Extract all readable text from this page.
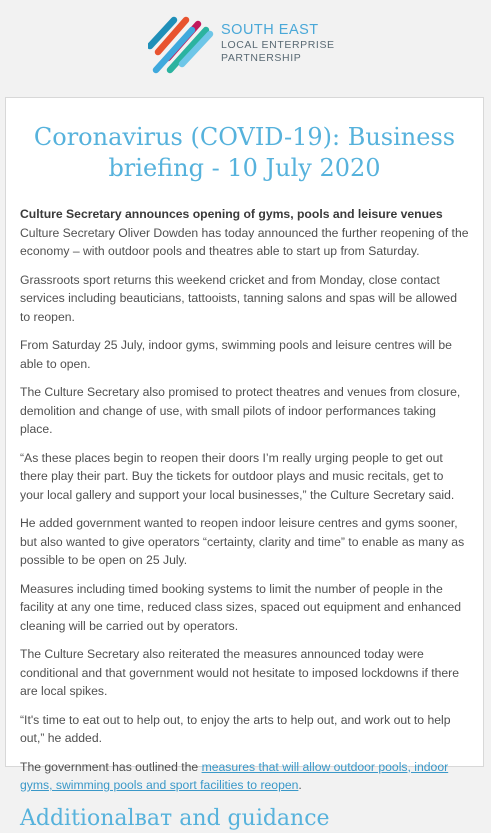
SOUTH EAST
LOCAL ENTERPRISE
PARTNERSHIP
Coronavirus (COVID-19): Business briefing - 10 July 2020

Culture Secretary announces opening of gyms, pools and leisure venues
Culture Secretary Oliver Dowden has today announced the further reopening of the economy – with outdoor pools and theatres able to start up from Saturday.

Grassroots sport returns this weekend cricket and from Monday, close contact services including beauticians, tattooists, tanning salons and spas will be allowed to reopen.

From Saturday 25 July, indoor gyms, swimming pools and leisure centres will be able to open.

The Culture Secretary also promised to protect theatres and venues from closure, demolition and change of use, with small pilots of indoor performances taking place.

“As these places begin to reopen their doors I’m really urging people to get out there play their part. Buy the tickets for outdoor plays and music recitals, get to your local gallery and support your local businesses,” the Culture Secretary said.

He added government wanted to reopen indoor leisure centres and gyms sooner, but also wanted to give operators “certainty, clarity and time” to enable as many as possible to be open on 25 July.

Measures including timed booking systems to limit the number of people in the facility at any one time, reduced class sizes, spaced out equipment and enhanced cleaning will be carried out by operators.

The Culture Secretary also reiterated the measures announced today were conditional and that government would not hesitate to imposed lockdowns if there are local spikes.

“It's time to eat out to help out, to enjoy the arts to help out, and work out to help out,” he added.

The government has outlined the measures that will allow outdoor pools, indoor gyms, swimming pools and sport facilities to reopen.

Additionalват and guidance
